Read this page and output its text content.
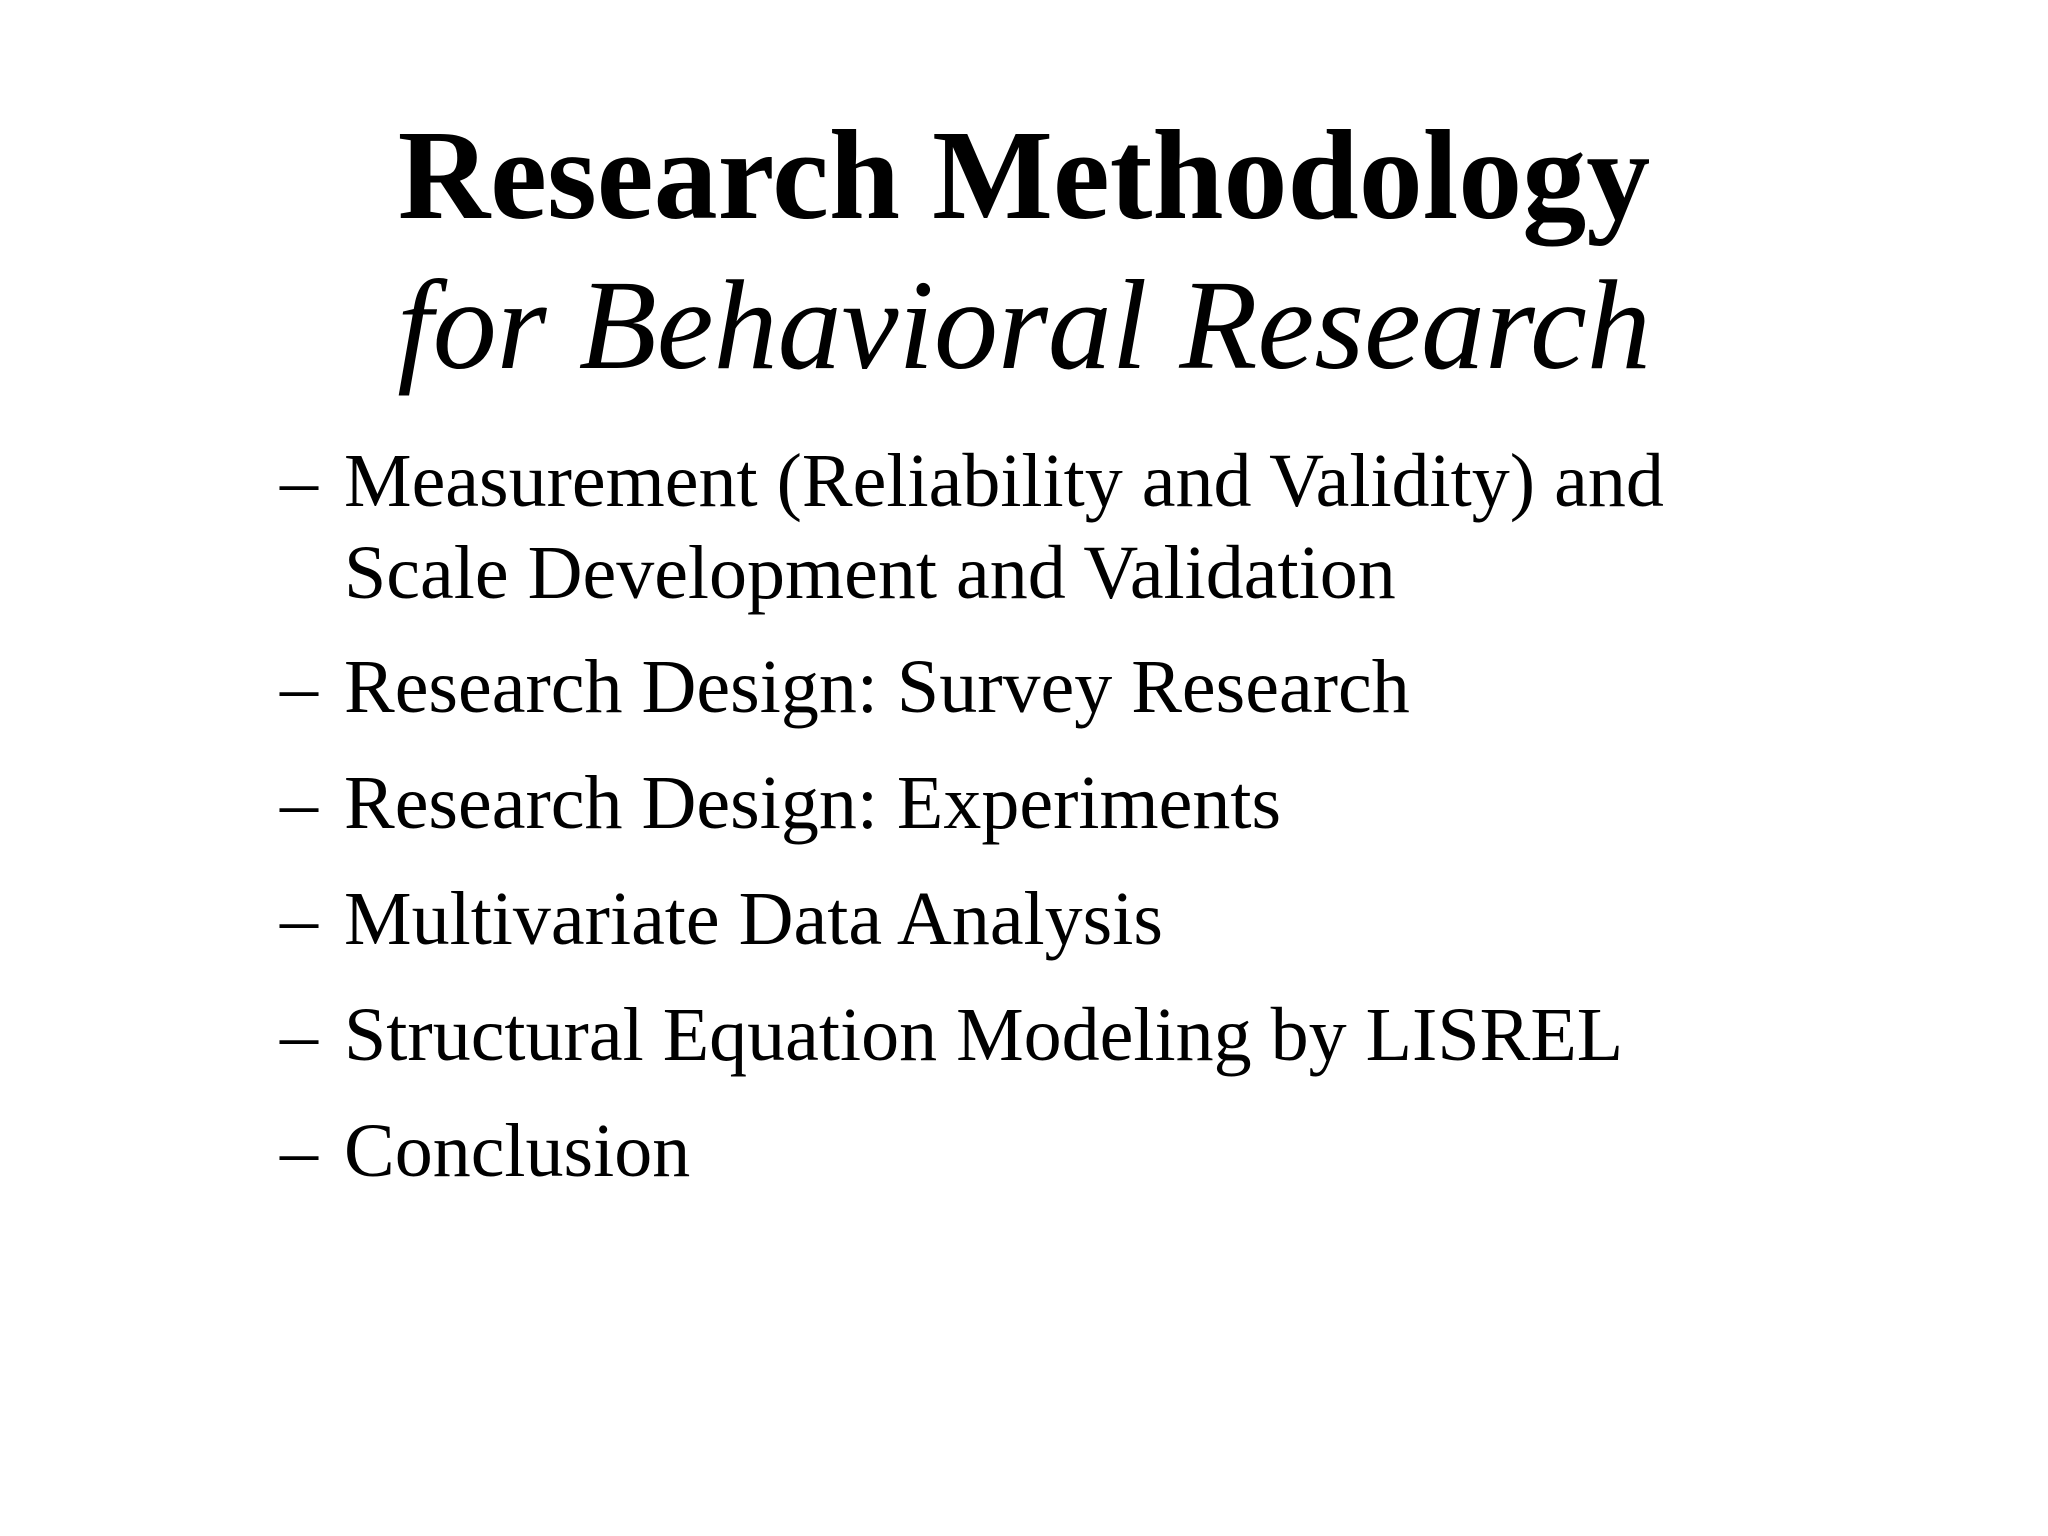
Research Methodology
for Behavioral Research
– Measurement (Reliability and Validity) and
Scale Development and Validation
– Research Design: Survey Research
– Research Design: Experiments
– Multivariate Data Analysis
– Structural Equation Modeling by LISREL
– Conclusion
